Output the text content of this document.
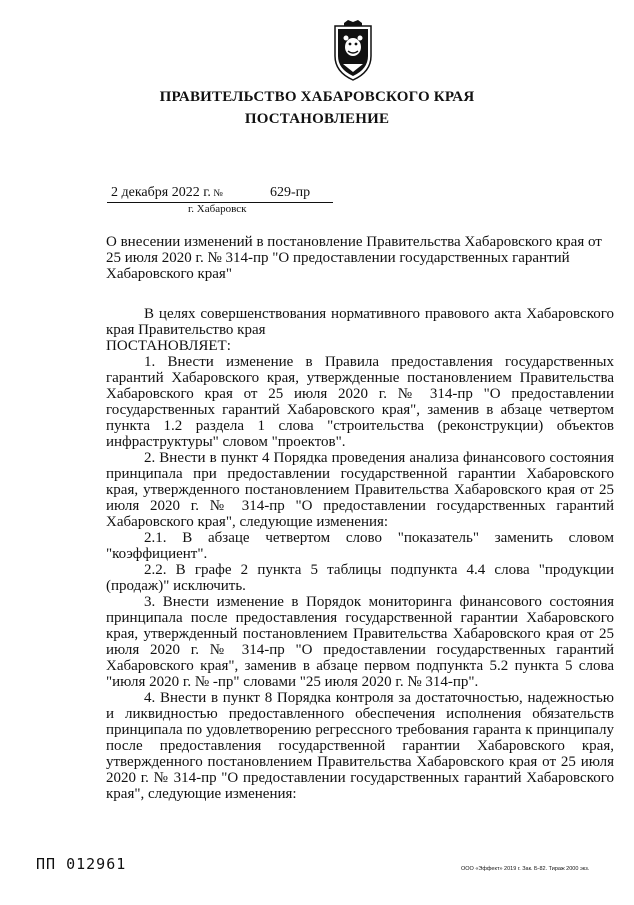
ПРАВИТЕЛЬСТВО ХАБАРОВСКОГО КРАЯ
ПОСТАНОВЛЕНИЕ
2 декабря 2022 г. №	629-пр
г. Хабаровск
О внесении изменений в постановление Правительства Хабаровского края от 25 июля 2020 г. № 314-пр "О предоставлении государственных гарантий Хабаровского края"

В целях совершенствования нормативного правового акта Хабаровского края Правительство края

ПОСТАНОВЛЯЕТ:

1. Внести изменение в Правила предоставления государственных гарантий Хабаровского края, утвержденные постановлением Правительства Хабаровского края от 25 июля 2020 г. № 314-пр "О предоставлении государственных гарантий Хабаровского края", заменив в абзаце четвертом пункта 1.2 раздела 1 слова "строительства (реконструкции) объектов инфраструктуры" словом "проектов".

2. Внести в пункт 4 Порядка проведения анализа финансового состояния принципала при предоставлении государственной гарантии Хабаровского края, утвержденного постановлением Правительства Хабаровского края от 25 июля 2020 г. № 314-пр "О предоставлении государственных гарантий Хабаровского края", следующие изменения:

2.1. В абзаце четвертом слово "показатель" заменить словом "коэффициент".

2.2. В графе 2 пункта 5 таблицы подпункта 4.4 слова "продукции (продаж)" исключить.

3. Внести изменение в Порядок мониторинга финансового состояния принципала после предоставления государственной гарантии Хабаровского края, утвержденный постановлением Правительства Хабаровского края от 25 июля 2020 г. № 314-пр "О предоставлении государственных гарантий Хабаровского края", заменив в абзаце первом подпункта 5.2 пункта 5 слова "июля 2020 г. № -пр" словами "25 июля 2020 г. № 314-пр".

4. Внести в пункт 8 Порядка контроля за достаточностью, надежностью и ликвидностью предоставленного обеспечения исполнения обязательств принципала по удовлетворению регрессного требования гаранта к принципалу после предоставления государственной гарантии Хабаровского края, утвержденного постановлением Правительства Хабаровского края от 25 июля 2020 г. № 314-пр "О предоставлении государственных гарантий Хабаровского края", следующие изменения:

ПП 012961	ООО «Эффект» 2019 г. Зак. Б-82. Тираж 2000 экз.
